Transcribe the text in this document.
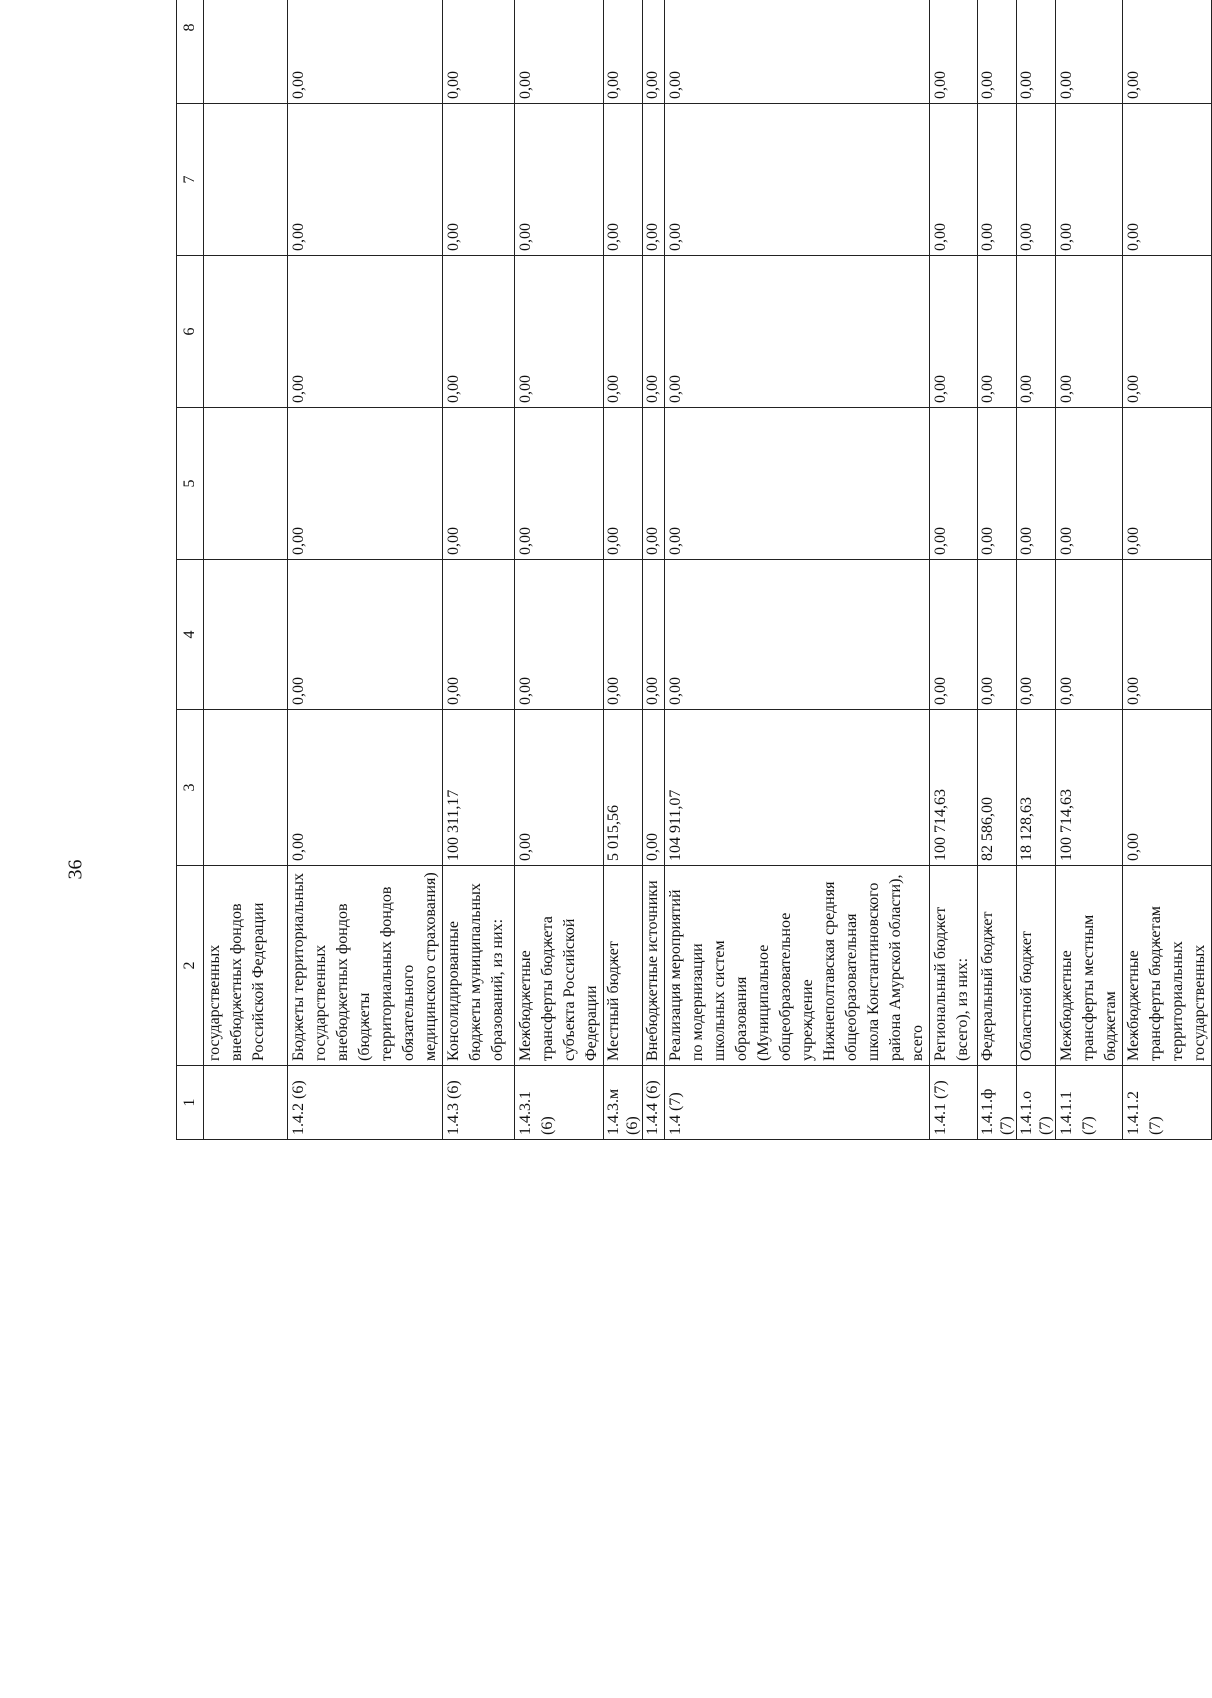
36
1	2	3	4	5	6	7	8		
	государственных внебюджетных фондов Российской Федерации								
1.4.2 (6)	Бюджеты территориальных государственных внебюджетных фондов (бюджеты территориальных фондов обязательного медицинского страхования)	0,00	0,00	0,00	0,00	0,00	0,00		
1.4.3 (6)	Консолидированные бюджеты муниципальных образований, из них:	100 311,17	0,00	0,00	0,00	0,00	0,00		
1.4.3.1 (6)	Межбюджетные трансферты бюджета субъекта Российской Федерации	0,00	0,00	0,00	0,00	0,00	0,00		
1.4.3.м (6)	Местный бюджет	5 015,56	0,00	0,00	0,00	0,00	0,00		
1.4.4 (6)	Внебюджетные источники	0,00	0,00	0,00	0,00	0,00	0,00		
1.4 (7)	Реализация мероприятий по модернизации школьных систем образования (Муниципальное общеобразовательное учреждение Нижнеполтавская средняя общеобразовательная школа Константиновского района Амурской области), всего	104 911,07	0,00	0,00	0,00	0,00	0,00		
1.4.1 (7)	Региональный бюджет (всего), из них:	100 714,63	0,00	0,00	0,00	0,00	0,00		
1.4.1.ф (7)	Федеральный бюджет	82 586,00	0,00	0,00	0,00	0,00	0,00		
1.4.1.о (7)	Областной бюджет	18 128,63	0,00	0,00	0,00	0,00	0,00		
1.4.1.1 (7)	Межбюджетные трансферты местным бюджетам	100 714,63	0,00	0,00	0,00	0,00	0,00		
1.4.1.2 (7)	Межбюджетные трансферты бюджетам территориальных государственных	0,00	0,00	0,00	0,00	0,00	0,00		
